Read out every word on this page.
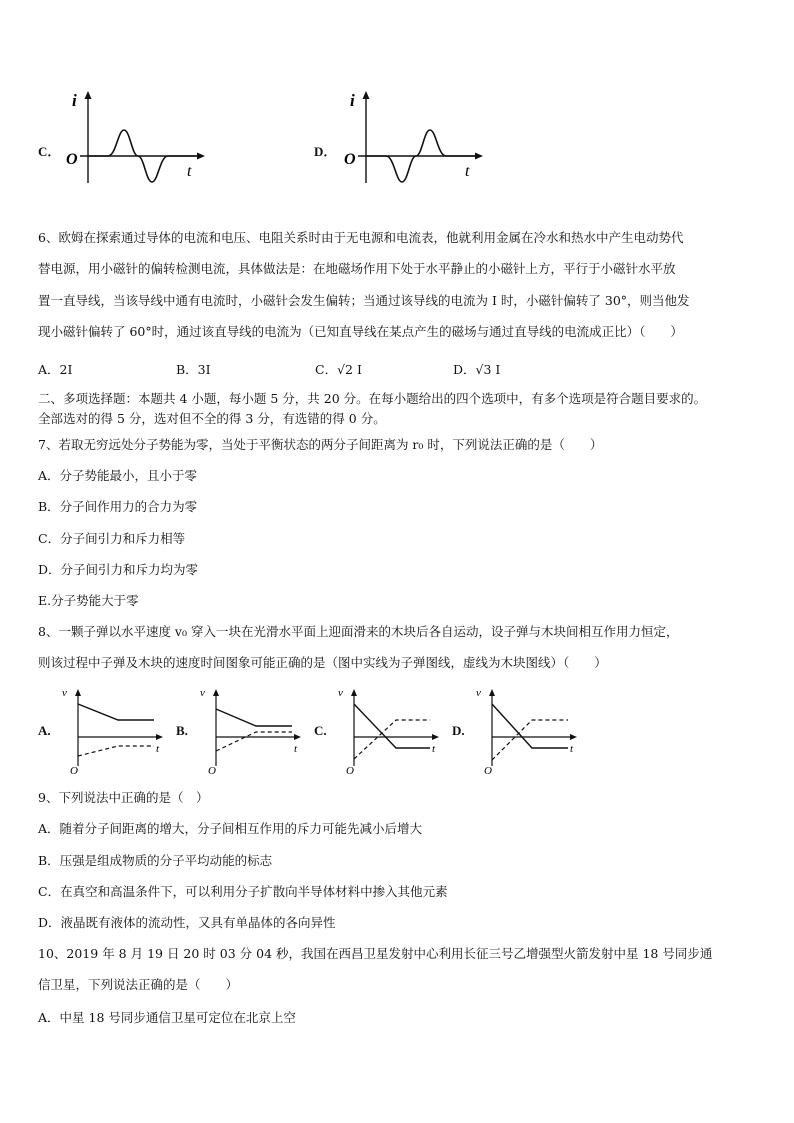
C．
i
t
O	D．
i
t
O
6、欧姆在探索通过导体的电流和电压、电阻关系时由于无电源和电流表，他就利用金属在冷水和热水中产生电动势代
替电源，用小磁针的偏转检测电流，具体做法是：在地磁场作用下处于水平静止的小磁针上方，平行于小磁针水平放
置一直导线，当该导线中通有电流时，小磁针会发生偏转；当通过该导线的电流为 I 时，小磁针偏转了 30°，则当他发
现小磁针偏转了 60°时，通过该直导线的电流为（已知直导线在某点产生的磁场与通过直导线的电流成正比）（　　）
A．2I	B．3I	C．√2 I	D．√3 I
二、多项选择题：本题共 4 小题，每小题 5 分，共 20 分。在每小题给出的四个选项中，有多个选项是符合题目要求的。
全部选对的得 5 分，选对但不全的得 3 分，有选错的得 0 分。
7、若取无穷远处分子势能为零，当处于平衡状态的两分子间距离为 r₀ 时，下列说法正确的是（　　）
A．分子势能最小，且小于零
B．分子间作用力的合力为零
C．分子间引力和斥力相等
D．分子间引力和斥力均为零
E.分子势能大于零
8、一颗子弹以水平速度 v₀ 穿入一块在光滑水平面上迎面滑来的木块后各自运动，设子弹与木块间相互作用力恒定，
则该过程中子弹及木块的速度时间图象可能正确的是（图中实线为子弹图线，虚线为木块图线）（　　）
A.
v
t
O
B.
v
t
O
C.
v
t
O
D.
v
t
O
9、下列说法中正确的是（　）
A．随着分子间距离的增大，分子间相互作用的斥力可能先减小后增大
B．压强是组成物质的分子平均动能的标志
C．在真空和高温条件下，可以利用分子扩散向半导体材料中掺入其他元素
D．液晶既有液体的流动性，又具有单晶体的各向异性
10、2019 年 8 月 19 日 20 时 03 分 04 秒，我国在西昌卫星发射中心利用长征三号乙增强型火箭发射中星 18 号同步通
信卫星，下列说法正确的是（　　）
A．中星 18 号同步通信卫星可定位在北京上空
